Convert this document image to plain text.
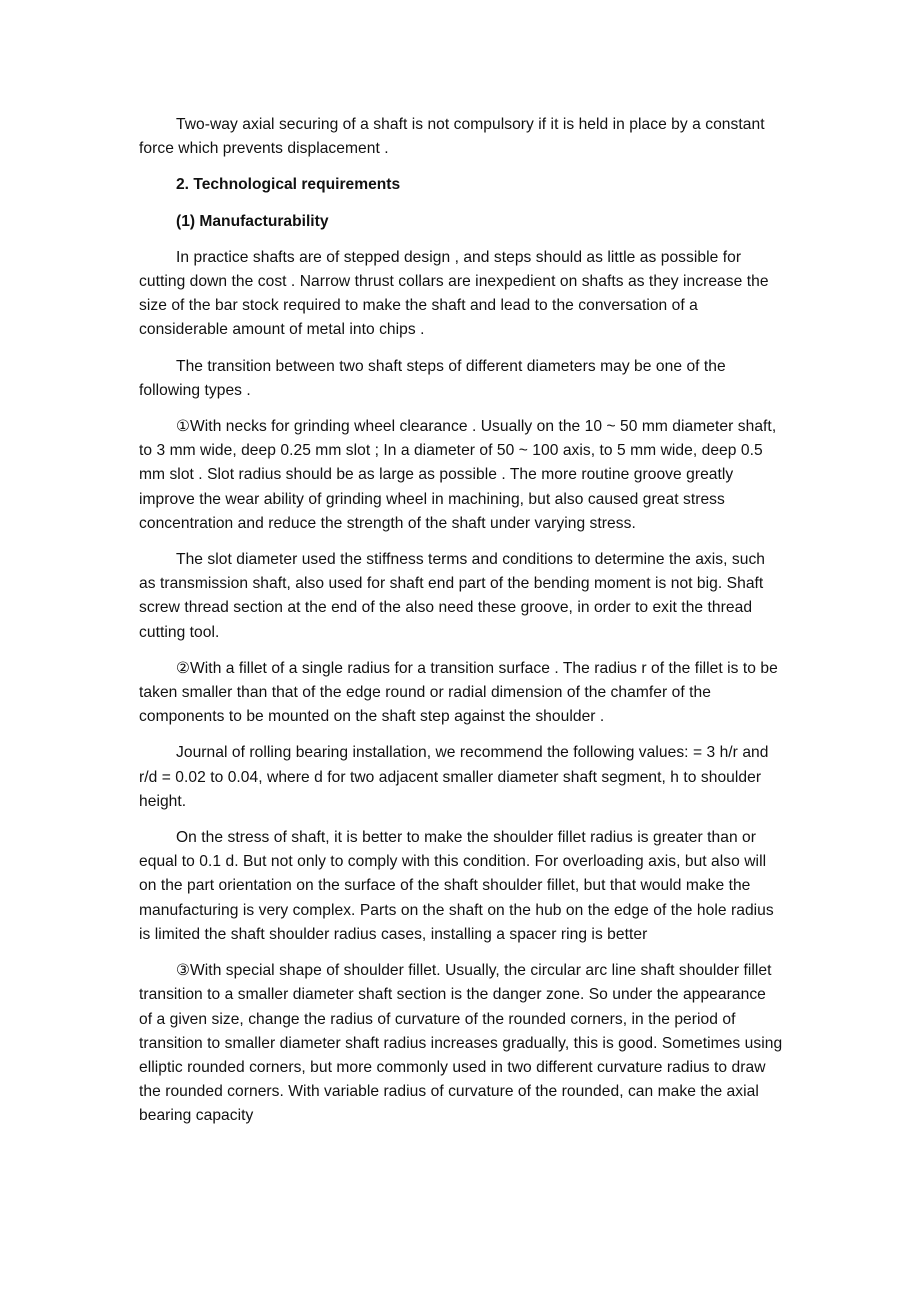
Two-way axial securing of a shaft is not compulsory if it is held in place by a constant force which prevents displacement .

2. Technological requirements

(1) Manufacturability

In practice shafts are of stepped design , and steps should as little as possible for cutting down the cost . Narrow thrust collars are inexpedient on shafts as they increase the size of the bar stock required to make the shaft and lead to the conversation of a considerable amount of metal into chips .

The transition between two shaft steps of different diameters may be one of the following types .

①With necks for grinding wheel clearance . Usually on the 10 ~ 50 mm diameter shaft, to 3 mm wide, deep 0.25 mm slot ; In a diameter of 50 ~ 100 axis, to 5 mm wide, deep 0.5 mm slot . Slot radius should be as large as possible . The more routine groove greatly improve the wear ability of grinding wheel in machining, but also caused great stress concentration and reduce the strength of the shaft under varying stress.

The slot diameter used the stiffness terms and conditions to determine the axis, such as transmission shaft, also used for shaft end part of the bending moment is not big. Shaft screw thread section at the end of the also need these groove, in order to exit the thread cutting tool.

②With a fillet of a single radius for a transition surface . The radius r of the fillet is to be taken smaller than that of the edge round or radial dimension of the chamfer of the components to be mounted on the shaft step against the shoulder .

Journal of rolling bearing installation, we recommend the following values: = 3 h/r and r/d = 0.02 to 0.04, where d for two adjacent smaller diameter shaft segment, h to shoulder height.

On the stress of shaft, it is better to make the shoulder fillet radius is greater than or equal to 0.1 d. But not only to comply with this condition. For overloading axis, but also will on the part orientation on the surface of the shaft shoulder fillet, but that would make the manufacturing is very complex. Parts on the shaft on the hub on the edge of the hole radius is limited the shaft shoulder radius cases, installing a spacer ring is better

③With special shape of shoulder fillet. Usually, the circular arc line shaft shoulder fillet transition to a smaller diameter shaft section is the danger zone. So under the appearance of a given size, change the radius of curvature of the rounded corners, in the period of transition to smaller diameter shaft radius increases gradually, this is good. Sometimes using elliptic rounded corners, but more commonly used in two different curvature radius to draw the rounded corners. With variable radius of curvature of the rounded, can make the axial bearing capacity
